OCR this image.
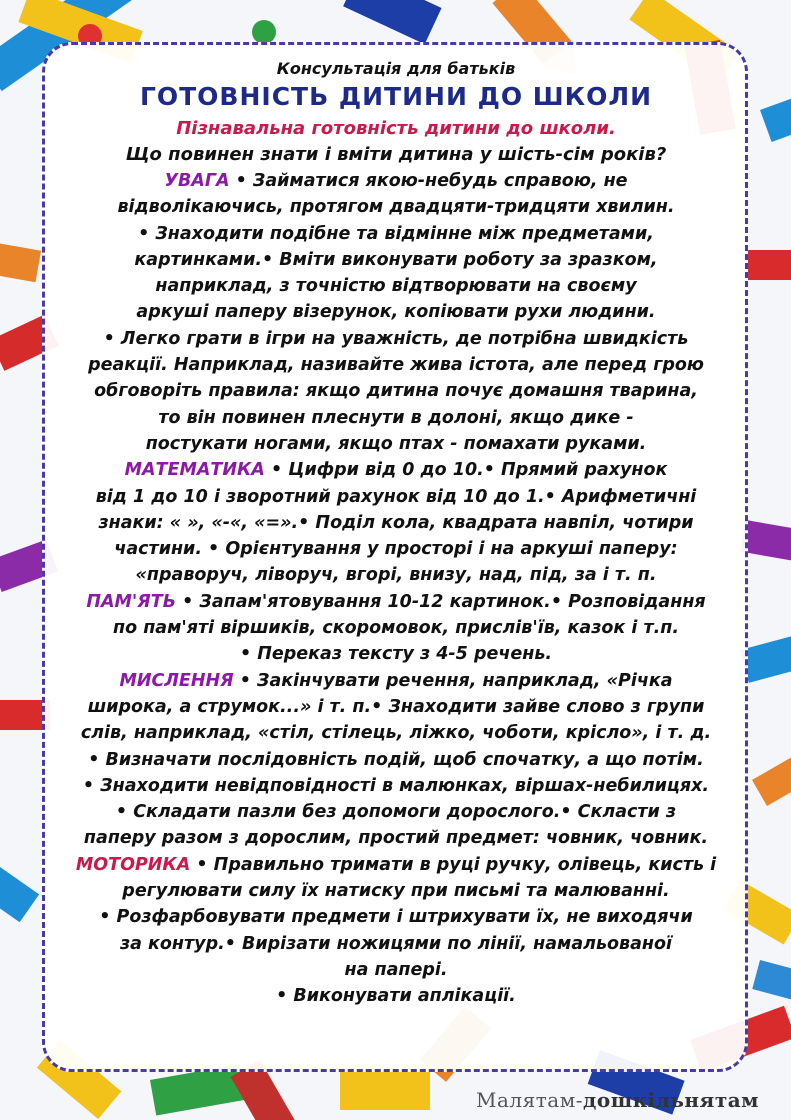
Консультація для батьків
ГОТОВНІСТЬ ДИТИНИ ДО ШКОЛИ
Пізнавальна готовність дитини до школи.
Що повинен знати і вміти дитина у шість-сім років?

УВАГА • Займатися якою-небудь справою, не

відволікаючись, протягом двадцяти-тридцяти хвилин.

• Знаходити подібне та відмінне між предметами,

картинками.• Вміти виконувати роботу за зразком,

наприклад, з точністю відтворювати на своєму

аркуші паперу візерунок, копіювати рухи людини.

• Легко грати в ігри на уважність, де потрібна швидкість

реакції. Наприклад, називайте жива істота, але перед грою

обговоріть правила: якщо дитина почує домашня тварина,

то він повинен плеснути в долоні, якщо дике -

постукати ногами, якщо птах - помахати руками.

МАТЕМАТИКА • Цифри від 0 до 10.• Прямий рахунок

від 1 до 10 і зворотний рахунок від 10 до 1.• Арифметичні

знаки: « », «-«, «=».• Поділ кола, квадрата навпіл, чотири

частини. • Орієнтування у просторі і на аркуші паперу:

«праворуч, ліворуч, вгорі, внизу, над, під, за і т. п.

ПАМ'ЯТЬ • Запам'ятовування 10-12 картинок.• Розповідання

по пам'яті віршиків, скоромовок, прислів'їв, казок і т.п.

• Переказ тексту з 4-5 речень.

МИСЛЕННЯ • Закінчувати речення, наприклад, «Річка

широка, а струмок...» і т. п.• Знаходити зайве слово з групи

слів, наприклад, «стіл, стілець, ліжко, чоботи, крісло», і т. д.

• Визначати послідовність подій, щоб спочатку, а що потім.

• Знаходити невідповідності в малюнках, віршах-небилицях.

• Складати пазли без допомоги дорослого.• Скласти з

паперу разом з дорослим, простий предмет: човник, човник.

МОТОРИКА • Правильно тримати в руці ручку, олівець, кисть і

регулювати силу їх натиску при письмі та малюванні.

• Розфарбовувати предмети і штрихувати їх, не виходячи

за контур.• Вирізати ножицями по лінії, намальованої

на папері.

• Виконувати аплікації.

Малятам-дошкільнятам
